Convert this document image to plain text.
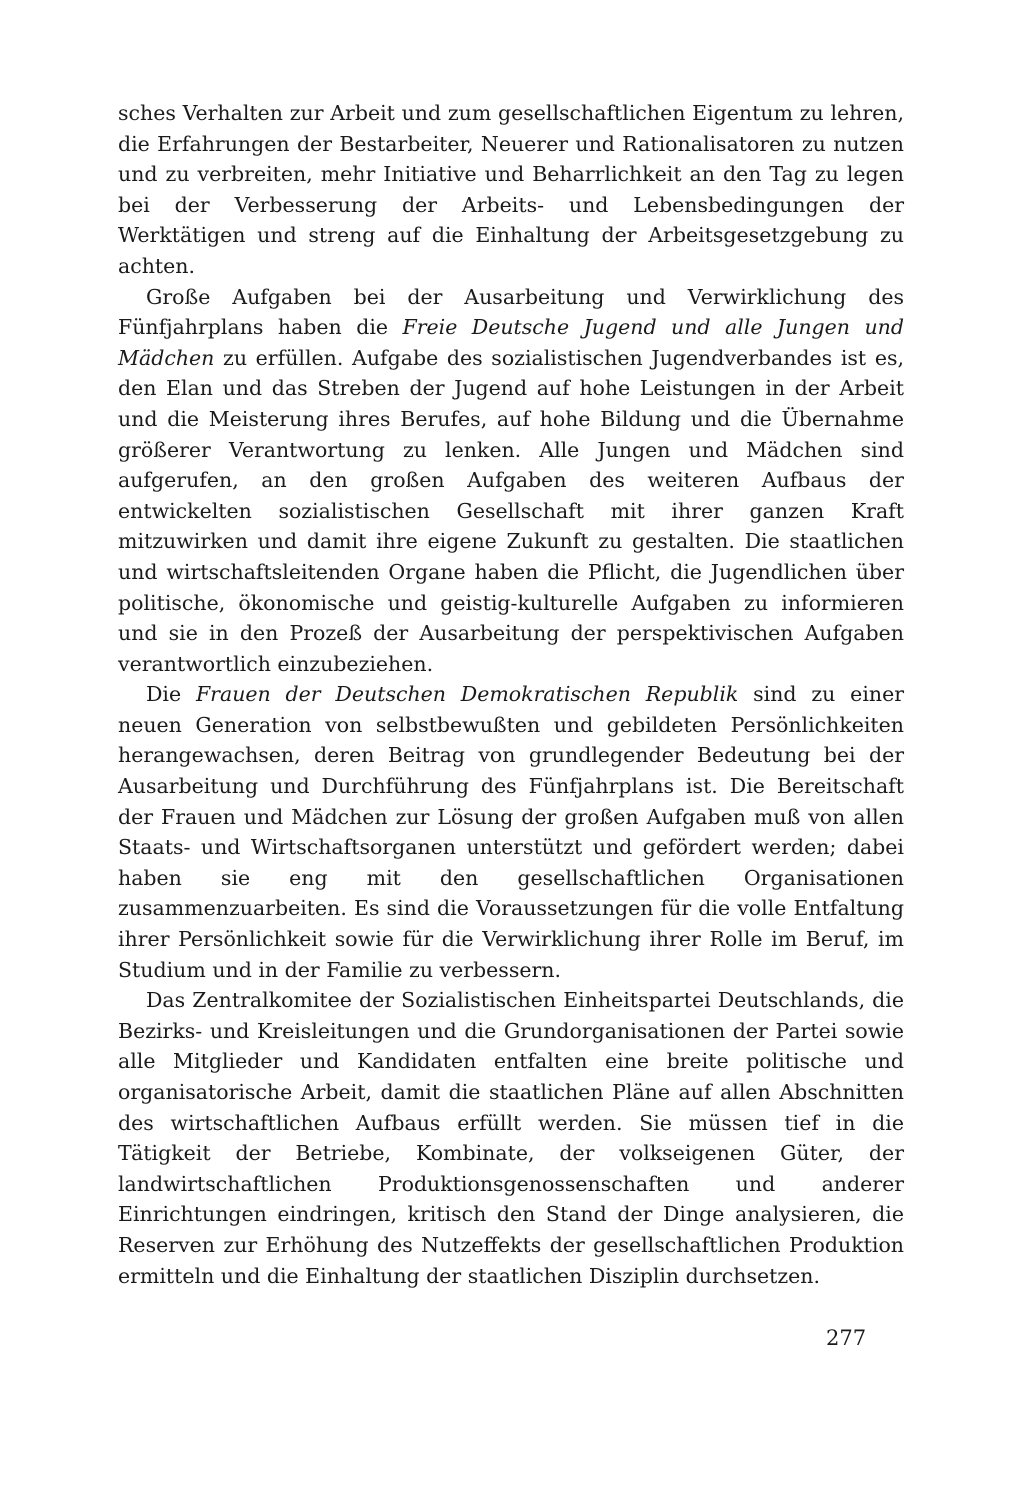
sches Verhalten zur Arbeit und zum gesellschaftlichen Eigentum zu lehren, die Erfahrungen der Bestarbeiter, Neuerer und Rationalisatoren zu nutzen und zu verbreiten, mehr Initiative und Beharrlichkeit an den Tag zu legen bei der Verbesserung der Arbeits- und Lebensbedingungen der Werktätigen und streng auf die Einhaltung der Arbeitsgesetzgebung zu achten.

Große Aufgaben bei der Ausarbeitung und Verwirklichung des Fünfjahrplans haben die Freie Deutsche Jugend und alle Jungen und Mädchen zu erfüllen. Aufgabe des sozialistischen Jugendverbandes ist es, den Elan und das Streben der Jugend auf hohe Leistungen in der Arbeit und die Meisterung ihres Berufes, auf hohe Bildung und die Übernahme größerer Verantwortung zu lenken. Alle Jungen und Mädchen sind aufgerufen, an den großen Aufgaben des weiteren Aufbaus der entwickelten sozialistischen Gesellschaft mit ihrer ganzen Kraft mitzuwirken und damit ihre eigene Zukunft zu gestalten. Die staatlichen und wirtschaftsleitenden Organe haben die Pflicht, die Jugendlichen über politische, ökonomische und geistig-kulturelle Aufgaben zu informieren und sie in den Prozeß der Ausarbeitung der perspektivischen Aufgaben verantwortlich einzubeziehen.

Die Frauen der Deutschen Demokratischen Republik sind zu einer neuen Generation von selbstbewußten und gebildeten Persönlichkeiten herangewachsen, deren Beitrag von grundlegender Bedeutung bei der Ausarbeitung und Durchführung des Fünfjahrplans ist. Die Bereitschaft der Frauen und Mädchen zur Lösung der großen Aufgaben muß von allen Staats- und Wirtschaftsorganen unterstützt und gefördert werden; dabei haben sie eng mit den gesellschaftlichen Organisationen zusammenzuarbeiten. Es sind die Voraussetzungen für die volle Entfaltung ihrer Persönlichkeit sowie für die Verwirklichung ihrer Rolle im Beruf, im Studium und in der Familie zu verbessern.

Das Zentralkomitee der Sozialistischen Einheitspartei Deutschlands, die Bezirks- und Kreisleitungen und die Grundorganisationen der Partei sowie alle Mitglieder und Kandidaten entfalten eine breite politische und organisatorische Arbeit, damit die staatlichen Pläne auf allen Abschnitten des wirtschaftlichen Aufbaus erfüllt werden. Sie müssen tief in die Tätigkeit der Betriebe, Kombinate, der volkseigenen Güter, der landwirtschaftlichen Produktionsgenossenschaften und anderer Einrichtungen eindringen, kritisch den Stand der Dinge analysieren, die Reserven zur Erhöhung des Nutzeffekts der gesellschaftlichen Produktion ermitteln und die Einhaltung der staatlichen Disziplin durchsetzen.

277
